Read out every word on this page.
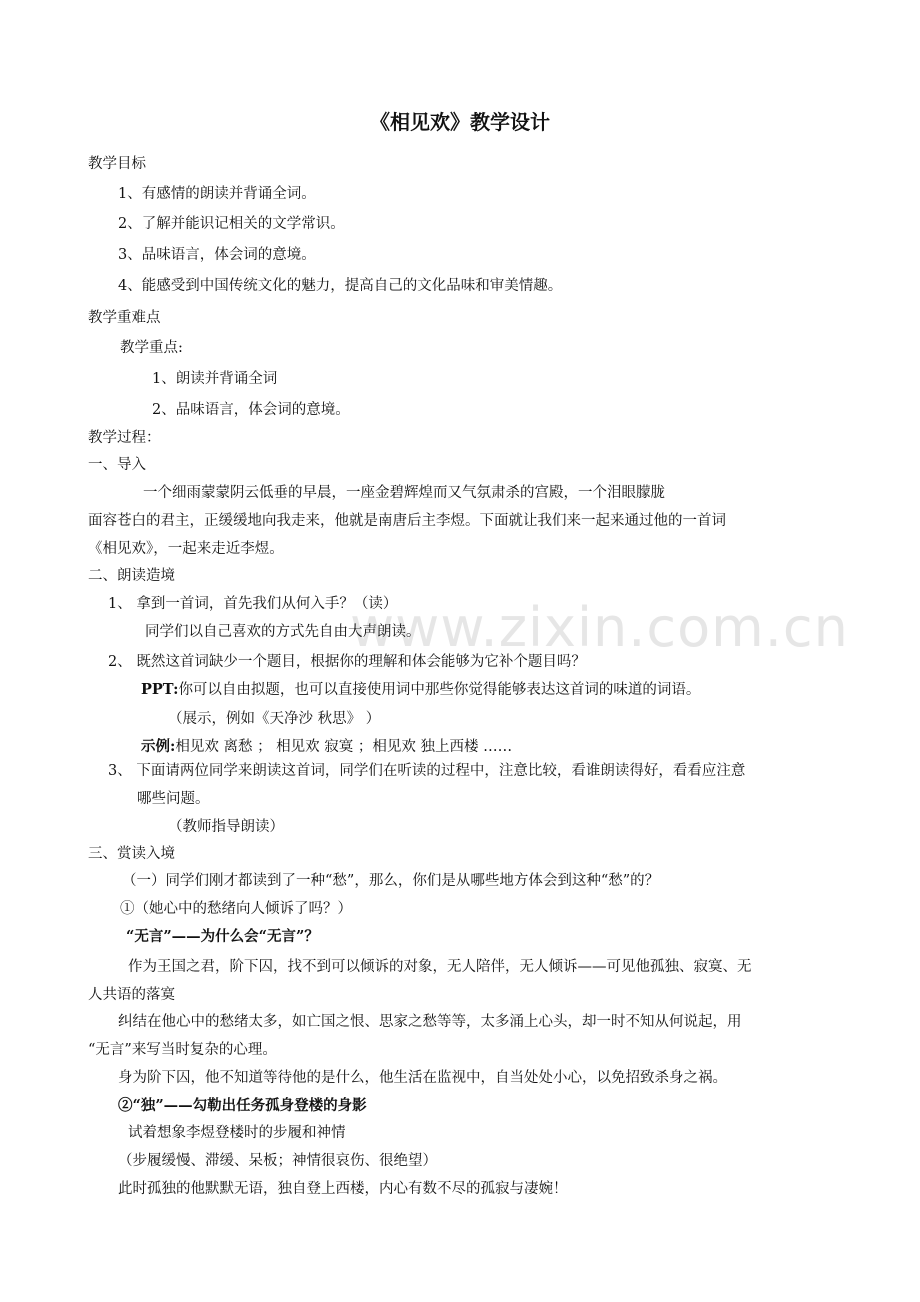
www.zixin.com.cn
《相见欢》教学设计
教学目标
1、有感情的朗读并背诵全词。
2、了解并能识记相关的文学常识。
3、品味语言，体会词的意境。
4、能感受到中国传统文化的魅力，提高自己的文化品味和审美情趣。
教学重难点
教学重点:
1、朗读并背诵全词
2、品味语言，体会词的意境。
教学过程：
一、导入
一个细雨蒙蒙阴云低垂的早晨，一座金碧辉煌而又气氛肃杀的宫殿，一个泪眼朦胧
面容苍白的君主，正缓缓地向我走来，他就是南唐后主李煜。下面就让我们来一起来通过他的一首词
《相见欢》，一起来走近李煜。
二、朗读造境
1、 拿到一首词，首先我们从何入手？（读）
同学们以自己喜欢的方式先自由大声朗读。
2、 既然这首词缺少一个题目，根据你的理解和体会能够为它补个题目吗？
PPT:你可以自由拟题，也可以直接使用词中那些你觉得能够表达这首词的味道的词语。
（展示，例如《天净沙 秋思》 ）
示例:相见欢 离愁 ； 相见欢 寂寞 ；相见欢 独上西楼 ……
3、 下面请两位同学来朗读这首词，同学们在听读的过程中，注意比较，看谁朗读得好，看看应注意
哪些问题。
（教师指导朗读）
三、赏读入境
（一）同学们刚才都读到了一种“愁”，那么，你们是从哪些地方体会到这种“愁”的？
①（她心中的愁绪向人倾诉了吗？）
“无言”——为什么会“无言”？
作为王国之君，阶下囚，找不到可以倾诉的对象，无人陪伴，无人倾诉——可见他孤独、寂寞、无
人共语的落寞
纠结在他心中的愁绪太多，如亡国之恨、思家之愁等等，太多涌上心头，却一时不知从何说起，用
“无言”来写当时复杂的心理。
身为阶下囚，他不知道等待他的是什么，他生活在监视中，自当处处小心，以免招致杀身之祸。
②“独”——勾勒出任务孤身登楼的身影
试着想象李煜登楼时的步履和神情
（步履缓慢、滞缓、呆板；神情很哀伤、很绝望）
此时孤独的他默默无语，独自登上西楼，内心有数不尽的孤寂与凄婉！
